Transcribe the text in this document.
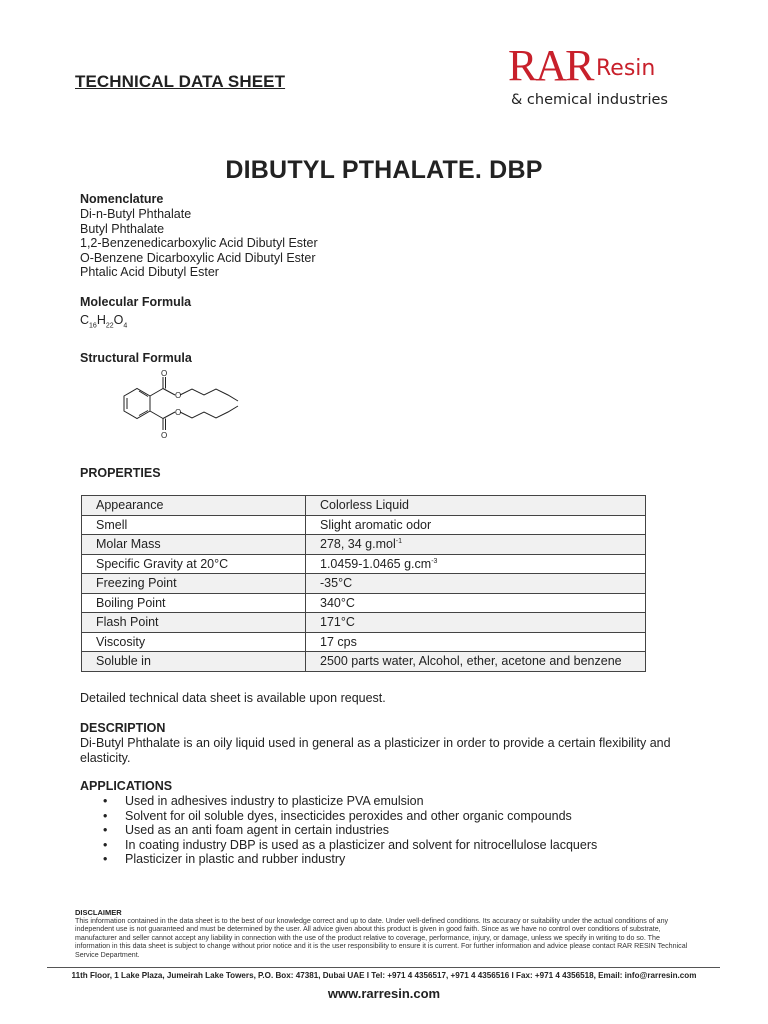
TECHNICAL DATA SHEET	RAR Resin
& chemical industries
DIBUTYL PTHALATE. DBP
Nomenclature
Di-n-Butyl Phthalate
Butyl Phthalate
1,2-Benzenedicarboxylic Acid Dibutyl Ester
O-Benzene Dicarboxylic Acid Dibutyl Ester
Phtalic Acid Dibutyl Ester
Molecular Formula
$C_{16}H_{22}O_4$
Structural Formula
O
O
O
O
PROPERTIES
Appearance	Colorless Liquid
Smell	Slight aromatic odor
Molar Mass	278, 34 g.mol$^{-1}$
Specific Gravity at 20°C	1.0459-1.0465 $g.cm^{-3}$
Freezing Point	-35°C
Boiling Point	340°C
Flash Point	171°C
Viscosity	17 cps
Soluble in	2500 parts water, Alcohol, ether, acetone and benzene
Detailed technical data sheet is available upon request.
DESCRIPTION
Di-Butyl Phthalate is an oily liquid used in general as a plasticizer in order to provide a certain flexibility and elasticity.
APPLICATIONS
• Used in adhesives industry to plasticize PVA emulsion
• Solvent for oil soluble dyes, insecticides peroxides and other organic compounds
• Used as an anti foam agent in certain industries
• In coating industry DBP is used as a plasticizer and solvent for nitrocellulose lacquers
• Plasticizer in plastic and rubber industry
DISCLAIMER
This information contained in the data sheet is to the best of our knowledge correct and up to date. Under well-defined conditions. Its accuracy or suitability under the actual conditions of any independent use is not guaranteed and must be determined by the user. All advice given about this product is given in good faith. Since as we have no control over conditions of substrate, manufacturer and seller cannot accept any liability in connection with the use of the product relative to coverage, performance, injury, or damage, unless we specify in writing to do so. The information in this data sheet is subject to change without prior notice and it is the user responsibility to ensure it is current. For further information and advice please contact RAR RESIN Technical Service Department.
11th Floor, 1 Lake Plaza, Jumeirah Lake Towers, P.O. Box: 47381, Dubai UAE I Tel: +971 4 4356517, +971 4 4356516 I Fax: +971 4 4356518, Email: info@rarresin.com
www.rarresin.com
